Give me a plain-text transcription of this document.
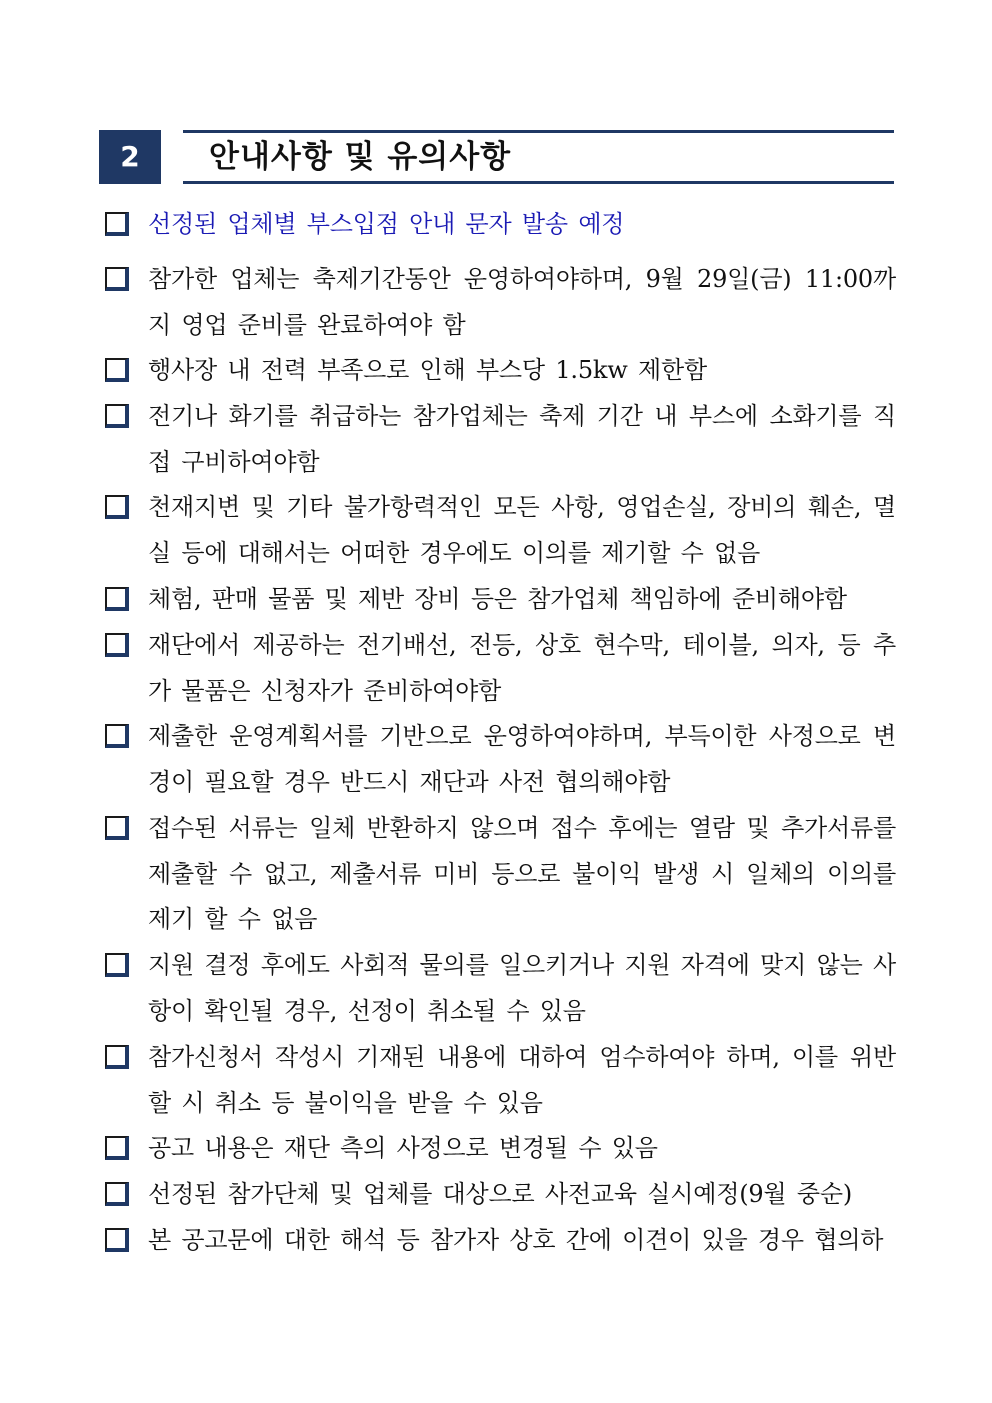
2	안내사항 및 유의사항
선정된 업체별 부스입점 안내 문자 발송 예정
참가한 업체는 축제기간동안 운영하여야하며, 9월 29일(금) 11:00까지 영업 준비를 완료하여야 함
행사장 내 전력 부족으로 인해 부스당 1.5kw 제한함
전기나 화기를 취급하는 참가업체는 축제 기간 내 부스에 소화기를 직접 구비하여야함
천재지변 및 기타 불가항력적인 모든 사항, 영업손실, 장비의 훼손, 멸실 등에 대해서는 어떠한 경우에도 이의를 제기할 수 없음
체험, 판매 물품 및 제반 장비 등은 참가업체 책임하에 준비해야함
재단에서 제공하는 전기배선, 전등, 상호 현수막, 테이블, 의자, 등 추가 물품은 신청자가 준비하여야함
제출한 운영계획서를 기반으로 운영하여야하며, 부득이한 사정으로 변경이 필요할 경우 반드시 재단과 사전 협의해야함
접수된 서류는 일체 반환하지 않으며 접수 후에는 열람 및 추가서류를 제출할 수 없고, 제출서류 미비 등으로 불이익 발생 시 일체의 이의를 제기 할 수 없음
지원 결정 후에도 사회적 물의를 일으키거나 지원 자격에 맞지 않는 사항이 확인될 경우, 선정이 취소될 수 있음
참가신청서 작성시 기재된 내용에 대하여 엄수하여야 하며, 이를 위반 할 시 취소 등 불이익을 받을 수 있음
공고 내용은 재단 측의 사정으로 변경될 수 있음
선정된 참가단체 및 업체를 대상으로 사전교육 실시예정(9월 중순)
본 공고문에 대한 해석 등 참가자 상호 간에 이견이 있을 경우 협의하
